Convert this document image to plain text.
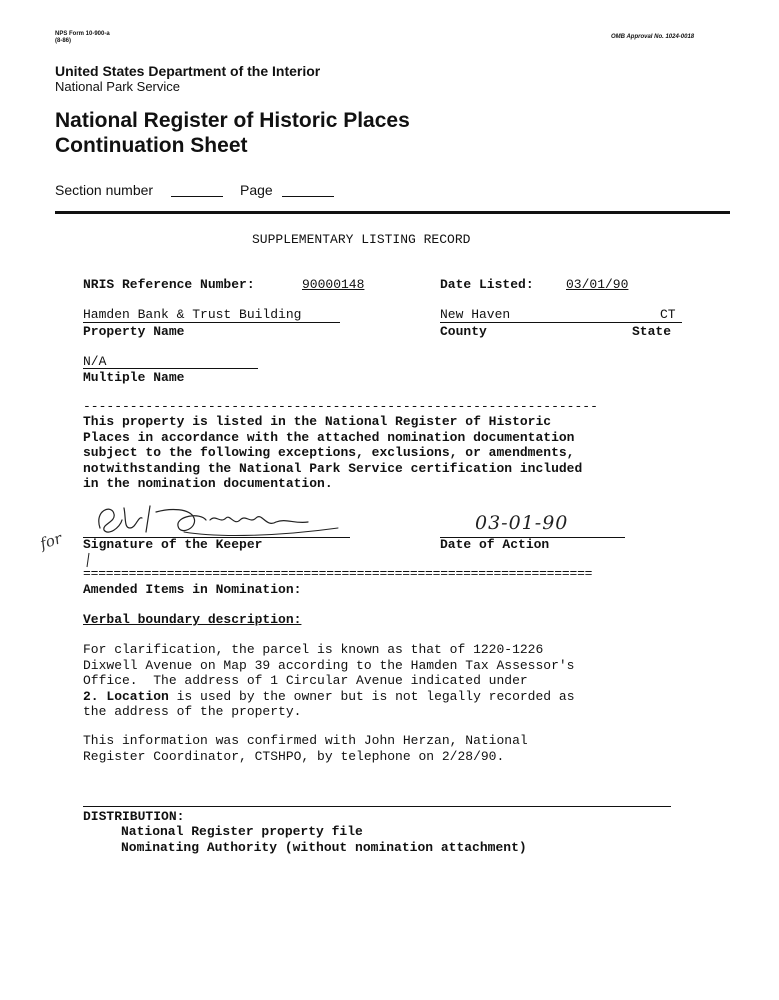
NPS Form 10-900-a
(8-86)
OMB Approval No. 1024-0018
United States Department of the Interior
National Park Service
National Register of Historic Places
Continuation Sheet
Section number	Page
SUPPLEMENTARY LISTING RECORD
NRIS Reference Number:	90000148	Date Listed: 03/01/90
Hamden Bank & Trust Building
Property Name
New Haven
County
CT
State
N/A
Multiple Name
------------------------------------------------------------------
This property is listed in the National Register of Historic
Places in accordance with the attached nomination documentation
subject to the following exceptions, exclusions, or amendments,
notwithstanding the National Park Service certification included
in the nomination documentation.
for Signature of the Keeper
03-01-90
Date of Action
===================================================================
Amended Items in Nomination:
Verbal boundary description:
For clarification, the parcel is known as that of 1220-1226
Dixwell Avenue on Map 39 according to the Hamden Tax Assessor's
Office.  The address of 1 Circular Avenue indicated under
2. Location is used by the owner but is not legally recorded as
the address of the property.
This information was confirmed with John Herzan, National
Register Coordinator, CTSHPO, by telephone on 2/28/90.
DISTRIBUTION:
National Register property file
Nominating Authority (without nomination attachment)
